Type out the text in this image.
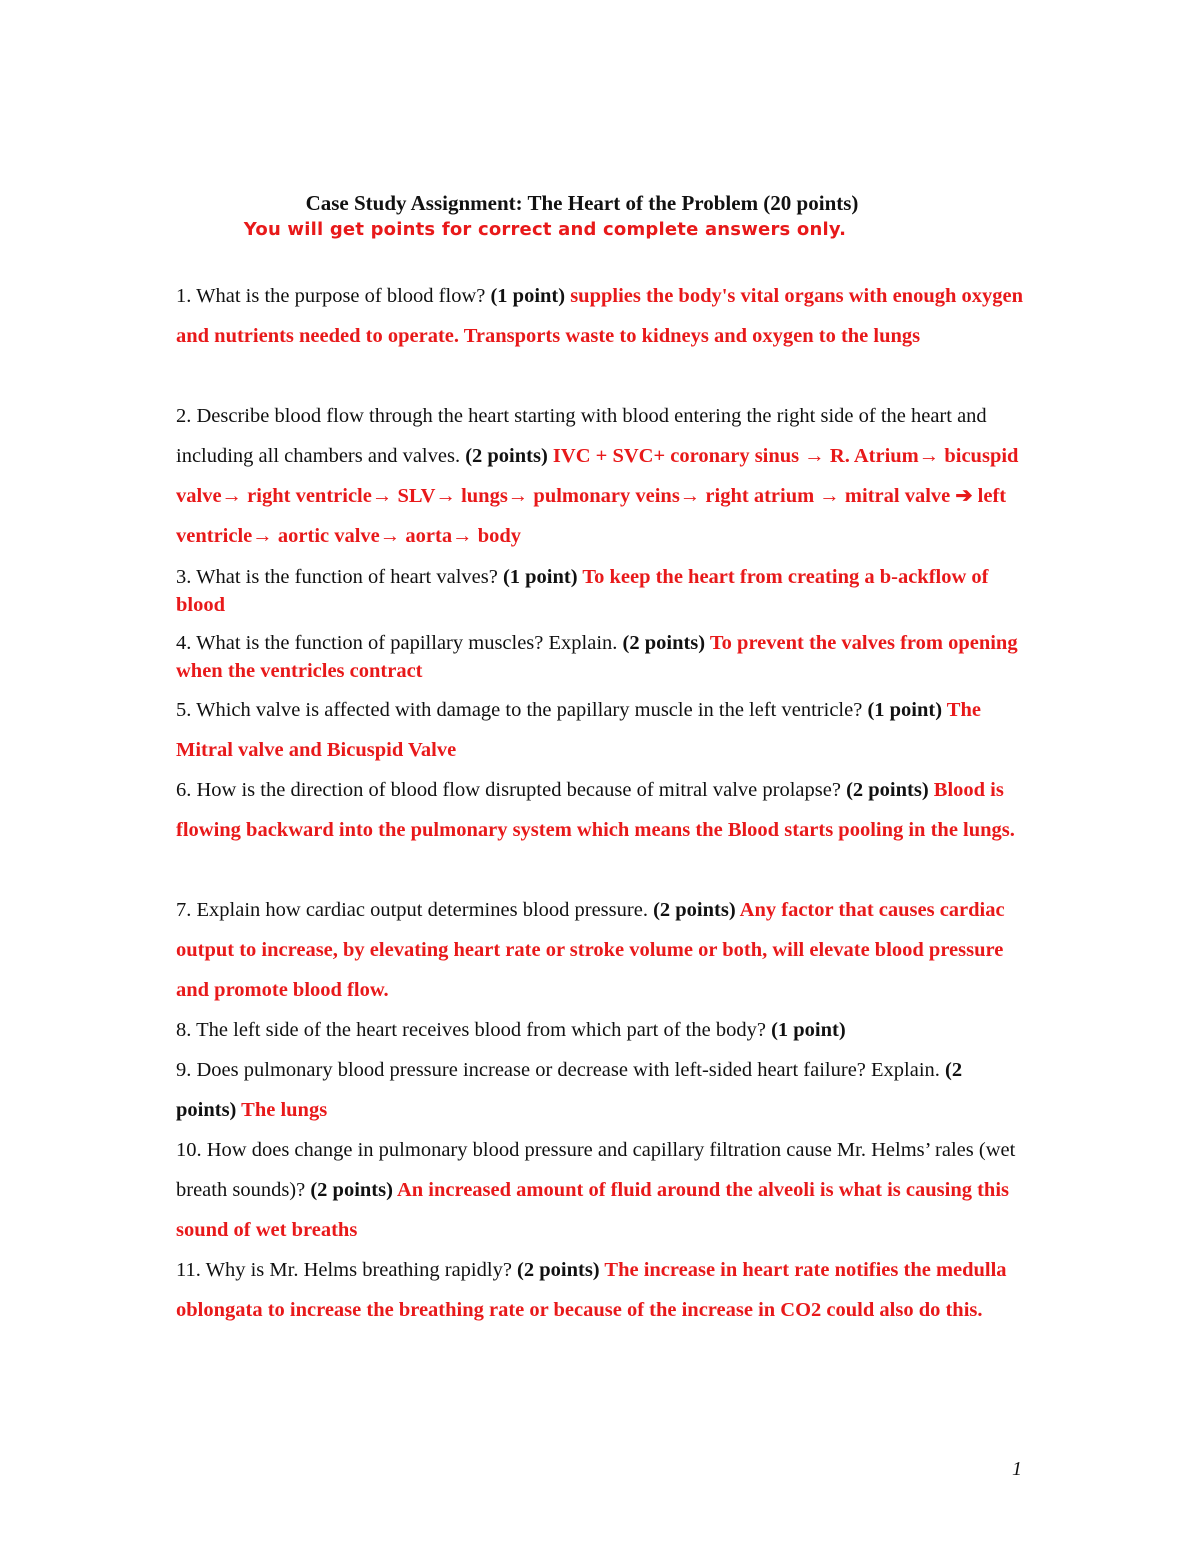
Case Study Assignment: The Heart of the Problem (20 points)
You will get points for correct and complete answers only.

1. What is the purpose of blood flow? (1 point) supplies the body's vital organs with enough oxygen and nutrients needed to operate. Transports waste to kidneys and oxygen to the lungs

2. Describe blood flow through the heart starting with blood entering the right side of the heart and including all chambers and valves. (2 points) IVC + SVC+ coronary sinus → R. Atrium→ bicuspid valve→ right ventricle→ SLV→ lungs→ pulmonary veins→ right atrium → mitral valve ➔ left ventricle→ aortic valve→ aorta→ body

3. What is the function of heart valves? (1 point) To keep the heart from creating a b-ackflow of blood

4. What is the function of papillary muscles? Explain. (2 points) To prevent the valves from opening when the ventricles contract

5. Which valve is affected with damage to the papillary muscle in the left ventricle? (1 point) The Mitral valve and Bicuspid Valve

6. How is the direction of blood flow disrupted because of mitral valve prolapse? (2 points) Blood is flowing backward into the pulmonary system which means the Blood starts pooling in the lungs.

7. Explain how cardiac output determines blood pressure. (2 points) Any factor that causes cardiac output to increase, by elevating heart rate or stroke volume or both, will elevate blood pressure and promote blood flow.

8. The left side of the heart receives blood from which part of the body? (1 point)

9. Does pulmonary blood pressure increase or decrease with left-sided heart failure? Explain. (2 points) The lungs

10. How does change in pulmonary blood pressure and capillary filtration cause Mr. Helms’ rales (wet breath sounds)? (2 points) An increased amount of fluid around the alveoli is what is causing this sound of wet breaths

11. Why is Mr. Helms breathing rapidly? (2 points) The increase in heart rate notifies the medulla oblongata to increase the breathing rate or because of the increase in CO2 could also do this.

1
